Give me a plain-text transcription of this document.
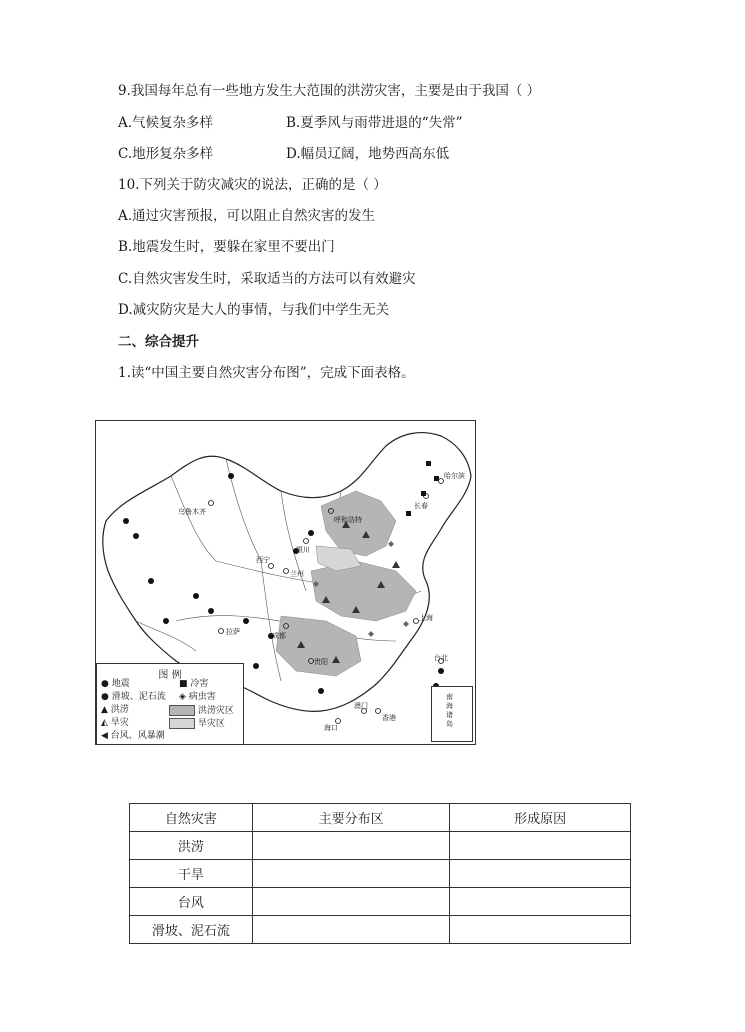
9.我国每年总有一些地方发生大范围的洪涝灾害，主要是由于我国（ ）
A.气候复杂多样	B.夏季风与雨带进退的“失常”
C.地形复杂多样	D.幅员辽阔，地势西高东低
10.下列关于防灾减灾的说法，正确的是（ ）
A.通过灾害预报，可以阻止自然灾害的发生
B.地震发生时，要躲在家里不要出门
C.自然灾害发生时，采取适当的方法可以有效避灾
D.减灾防灾是大人的事情，与我们中学生无关
二、综合提升
1.读“中国主要自然灾害分布图”，完成下面表格。
乌鲁木齐
哈尔滨
长春
呼和浩特
银川
西宁
兰州
拉萨	成都
贵阳
上海
台北
海口
澳门
香港
南海诸岛
图 例
● 地震	■ 冷害
● 滑坡、泥石流 ◈ 病虫害
▲ 洪涝	洪涝灾区
◭ 旱灾	旱灾区
◀ 台风、风暴潮
自然灾害	主要分布区	形成原因
洪涝		
干旱		
台风		
滑坡、泥石流		
